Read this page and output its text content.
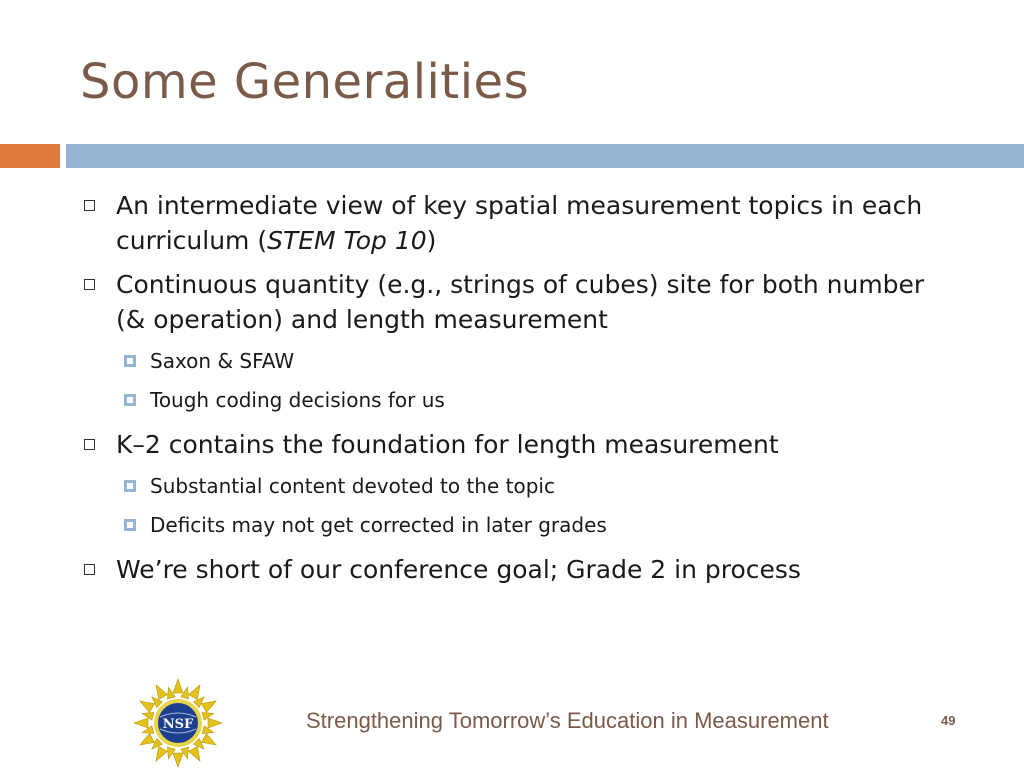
Some Generalities
An intermediate view of key spatial measurement topics in each curriculum (STEM Top 10)
Continuous quantity (e.g., strings of cubes) site for both number (& operation) and length measurement
Saxon & SFAW
Tough coding decisions for us
K–2 contains the foundation for length measurement
Substantial content devoted to the topic
Deficits may not get corrected in later grades
We’re short of our conference goal; Grade 2 in process
NSF	Strengthening Tomorrow’s Education in Measurement	49
